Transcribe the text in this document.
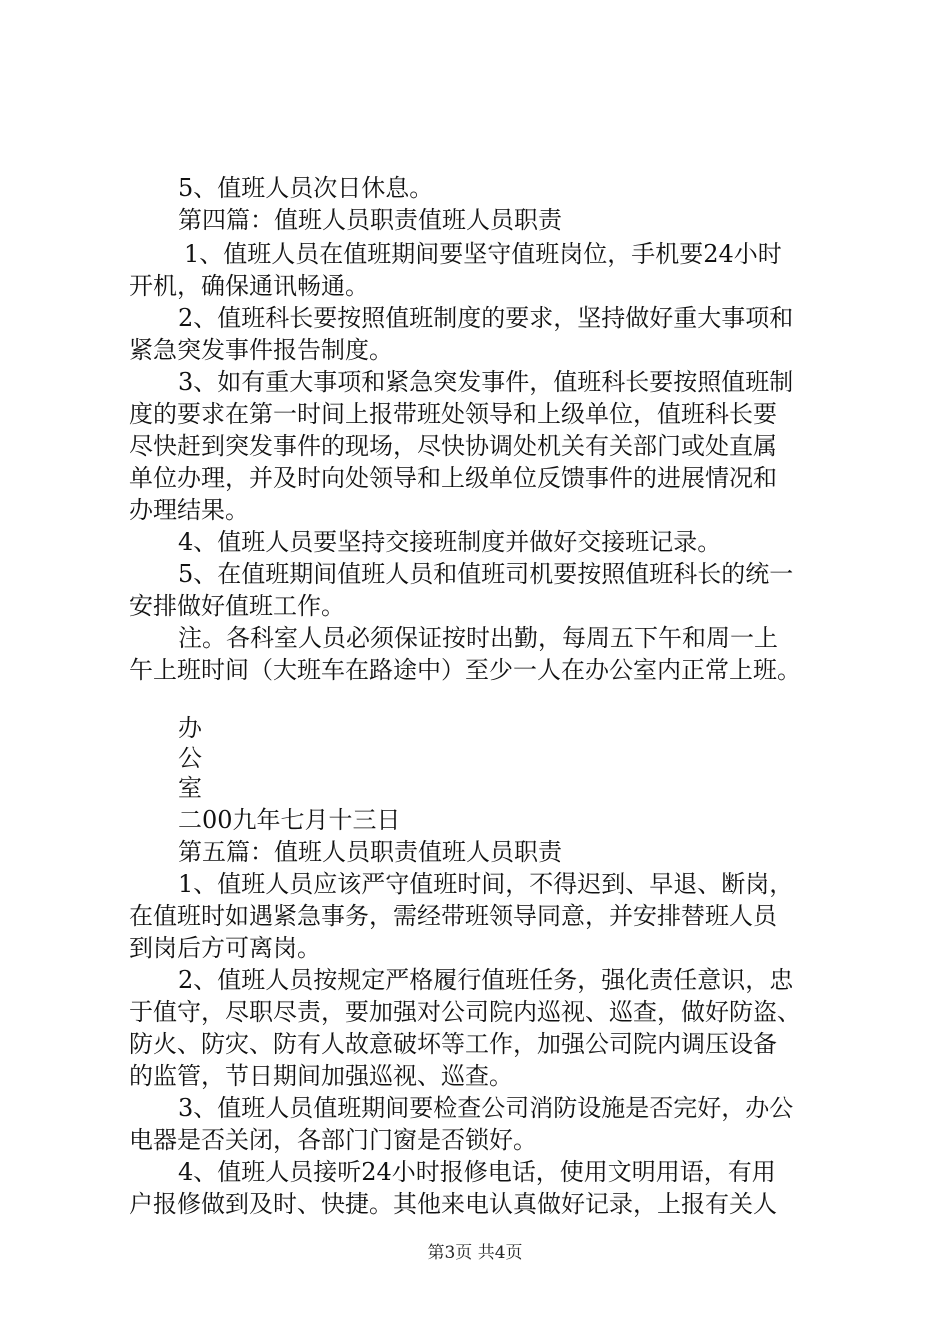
5、值班人员次日休息。
第四篇：值班人员职责值班人员职责
1、值班人员在值班期间要坚守值班岗位，手机要24小时
开机，确保通讯畅通。
2、值班科长要按照值班制度的要求，坚持做好重大事项和
紧急突发事件报告制度。
3、如有重大事项和紧急突发事件，值班科长要按照值班制
度的要求在第一时间上报带班处领导和上级单位，值班科长要
尽快赶到突发事件的现场，尽快协调处机关有关部门或处直属
单位办理，并及时向处领导和上级单位反馈事件的进展情况和
办理结果。
4、值班人员要坚持交接班制度并做好交接班记录。
5、在值班期间值班人员和值班司机要按照值班科长的统一
安排做好值班工作。
注。各科室人员必须保证按时出勤，每周五下午和周一上
午上班时间（大班车在路途中）至少一人在办公室内正常上班。
办
公
室
二00九年七月十三日
第五篇：值班人员职责值班人员职责
1、值班人员应该严守值班时间，不得迟到、早退、断岗，
在值班时如遇紧急事务，需经带班领导同意，并安排替班人员
到岗后方可离岗。
2、值班人员按规定严格履行值班任务，强化责任意识，忠
于值守，尽职尽责，要加强对公司院内巡视、巡查，做好防盗、
防火、防灾、防有人故意破坏等工作，加强公司院内调压设备
的监管，节日期间加强巡视、巡查。
3、值班人员值班期间要检查公司消防设施是否完好，办公
电器是否关闭，各部门门窗是否锁好。
4、值班人员接听24小时报修电话，使用文明用语，有用
户报修做到及时、快捷。其他来电认真做好记录，上报有关人
第3页 共4页
